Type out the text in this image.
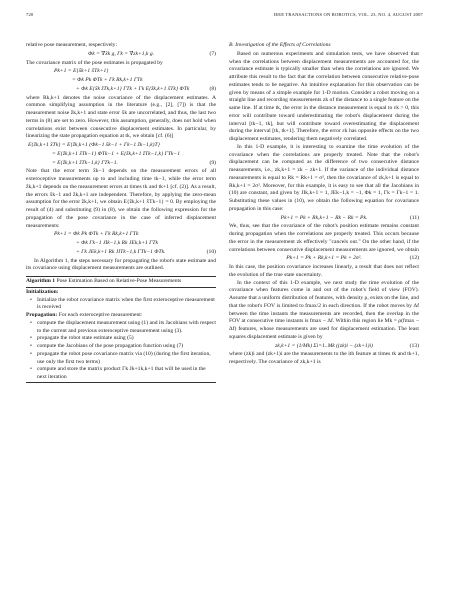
720	IEEE TRANSACTIONS ON ROBOTICS, VOL. 23, NO. 4, AUGUST 2007

relative pose measurement, respectively:

Φk = ∇x̂k g, Γk = ∇zk+1,k g.	(7)

The covariance matrix of the pose estimates is propagated by

Pk+1 = E{x̃k+1 x̃Tk+1}
= Φk Pk ΦTk + Γk Rk,k+1 ΓTk
+ Φk E{x̃k z̃Tk,k+1} ΓTk + Γk E{z̃k,k+1 x̃Tk} ΦTk	(8)

where Rk,k+1 denotes the noise covariance of the displacement estimates. A common simplifying assumption in the literature (e.g., [2], [7]) is that the measurement noise z̃k,k+1 and state error x̃k are uncorrelated, and thus, the last two terms in (8) are set to zero. However, this assumption, generally, does not hold when correlations exist between consecutive displacement estimates. In particular, by linearizing the state propagation equation at tk, we obtain [cf. (6)]

E{z̃k,k+1 x̃Tk} = E{z̃k,k+1 (Φk−1 x̃k−1 + Γk−1 z̃k−1,k)T}
= E{z̃k,k+1 x̃Tk−1} ΦTk−1 + E{z̃k,k+1 z̃Tk−1,k} ΓTk−1
= E{z̃k,k+1 z̃Tk−1,k} ΓTk−1.	(9)

Note that the error term x̃k−1 depends on the measurement errors of all exteroceptive measurements up to and including time tk−1, while the error term z̃k,k+1 depends on the measurement errors at times tk and tk+1 [cf. (2)]. As a result, the errors x̃k−1 and z̃k,k+1 are independent. Therefore, by applying the zero-mean assumption for the error z̃k,k+1, we obtain E{z̃k,k+1 x̃Tk−1} = 0. By employing the result of (4) and substituting (9) in (8), we obtain the following expression for the propagation of the pose covariance in the case of inferred displacement measurements:

Pk+1 = Φk Pk ΦTk + Γk Rk,k+1 ΓTk
+ Φk Γk−1 JIk−1,k Rk JEk,k+1 ΓTk
+ Γk JEk,k+1 Rk JITk−1,k ΓTk−1 ΦTk.	(10)

In Algorithm 1, the steps necessary for propagating the robot's state estimate and its covariance using displacement measurements are outlined.

Algorithm 1 Pose Estimation Based on Relative-Pose Measurements
Initialization:
• Initialize the robot covariance matrix when the first exteroceptive measurement is received
Propagation: For each exteroceptive measurement:
• compute the displacement measurement using (1) and its Jacobians with respect to the current and previous exteroceptive measurement using (3).
• propagate the robot state estimate using (5)
• compute the Jacobians of the pose propagation function using (7)
• propagate the robot pose covariance matrix via (10) (during the first iteration, use only the first two terms)
• compute and store the matrix product Γk Jk+1k,k+1 that will be used in the next iteration
B. Investigation of the Effects of Correlations

Based on numerous experiments and simulation tests, we have observed that when the correlations between displacement measurements are accounted for, the covariance estimate is typically smaller than when the correlations are ignored. We attribute this result to the fact that the correlation between consecutive relative-pose estimates tends to be negative. An intuitive explanation for this observation can be given by means of a simple example for 1-D motion. Consider a robot moving on a straight line and recording measurements zk of the distance to a single feature on the same line. If at time tk, the error in the distance measurement is equal to εk > 0, this error will contribute toward underestimating the robot's displacement during the interval [tk−1, tk], but will contribute toward overestimating the displacement during the interval [tk, tk+1]. Therefore, the error εk has opposite effects on the two displacement estimates, rendering them negatively correlated.

In this 1-D example, it is interesting to examine the time evolution of the covariance when the correlations are properly treated. Note that the robot's displacement can be computed as the difference of two consecutive distance measurements, i.e., zk,k+1 = zk − zk+1. If the variance of the individual distance measurements is equal to Rk = Rk+1 = σ², then the covariance of zk,k+1 is equal to Rk,k+1 = 2σ². Moreover, for this example, it is easy to see that all the Jacobians in (10) are constant, and given by JIk,k+1 = 1, JEk−1,k = −1, Φk = 1, Γk = Γk−1 = 1. Substituting these values in (10), we obtain the following equation for covariance propagation in this case:

Pk+1 = Pk + Rk,k+1 − Rk − Rk = Pk.	(11)

We, thus, see that the covariance of the robot's position estimate remains constant during propagation when the correlations are properly treated. This occurs because the error in the measurement zk effectively "cancels out." On the other hand, if the correlations between consecutive displacement measurements are ignored, we obtain

Pk+1 = Pk + Rk,k+1 = Pk + 2σ².	(12)

In this case, the position covariance increases linearly, a result that does not reflect the evolution of the true state uncertainty.

In the context of this 1-D example, we next study the time evolution of the covariance when features come in and out of the robot's field of view (FOV). Assume that a uniform distribution of features, with density ρ, exists on the line, and that the robot's FOV is limited to fmax/2 in each direction. If the robot moves by Δf between the time instants the measurements are recorded, then the overlap in the FOV at consecutive time instants is fmax − Δf. Within this region lie Mk = ρ(fmax − Δf) features, whose measurements are used for displacement estimation. The least squares displacement estimate is given by

zk,k+1 = (1/Mk) Σi=1..Mk ((zk)i − (zk+1)i)	(13)

where (zk)i and (zk+1)i are the measurements to the ith feature at times tk and tk+1, respectively. The covariance of zk,k+1 is
